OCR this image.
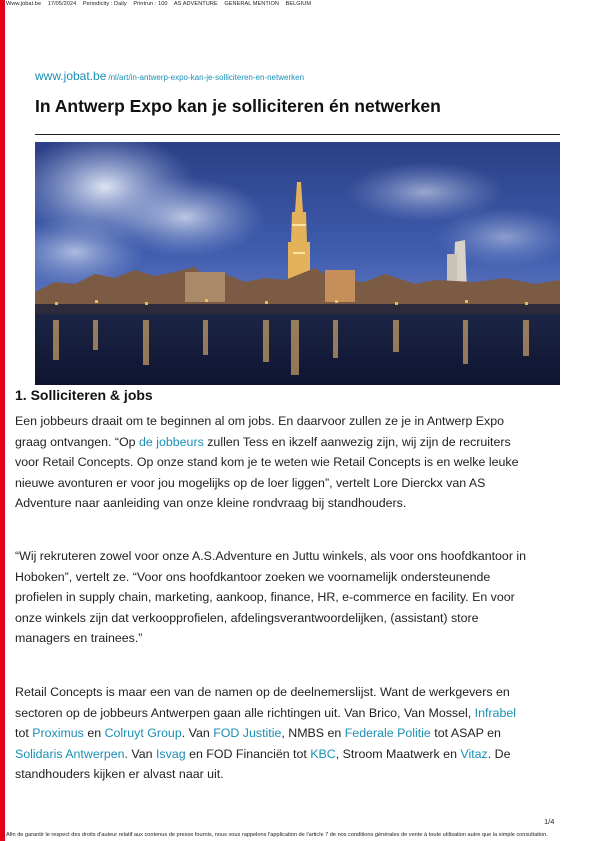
Www.jobat.be 17/05/2024 Periodicity : Daily Printrun : 100 AS ADVENTURE GENERAL MENTION BELGIUM
www.jobat.be /nl/art/in-antwerp-expo-kan-je-solliciteren-en-netwerken
In Antwerp Expo kan je solliciteren én netwerken
1. Solliciteren & jobs
Een jobbeurs draait om te beginnen al om jobs. En daarvoor zullen ze je in Antwerp Expo
graag ontvangen. “Op de jobbeurs zullen Tess en ikzelf aanwezig zijn, wij zijn de recruiters
voor Retail Concepts. Op onze stand kom je te weten wie Retail Concepts is en welke leuke
nieuwe avonturen er voor jou mogelijks op de loer liggen”, vertelt Lore Dierckx van AS
Adventure naar aanleiding van onze kleine rondvraag bij standhouders.
“Wij rekruteren zowel voor onze A.S.Adventure en Juttu winkels, als voor ons hoofdkantoor in
Hoboken”, vertelt ze. “Voor ons hoofdkantoor zoeken we voornamelijk ondersteunende
profielen in supply chain, marketing, aankoop, finance, HR, e-commerce en facility. En voor
onze winkels zijn dat verkoopprofielen, afdelingsverantwoordelijken, (assistant) store
managers en trainees.”
Retail Concepts is maar een van de namen op de deelnemerslijst. Want de werkgevers en
sectoren op de jobbeurs Antwerpen gaan alle richtingen uit. Van Brico, Van Mossel, Infrabel
tot Proximus en Colruyt Group. Van FOD Justitie, NMBS en Federale Politie tot ASAP en
Solidaris Antwerpen. Van Isvag en FOD Financiën tot KBC, Stroom Maatwerk en Vitaz. De
standhouders kijken er alvast naar uit.
1/4
Afin de garantir le respect des droits d'auteur relatif aux contenus de presse fournis, nous vous rappelons l'application de l'article 7 de nos conditions générales de vente à toute utilisation autre que la simple consultation.
